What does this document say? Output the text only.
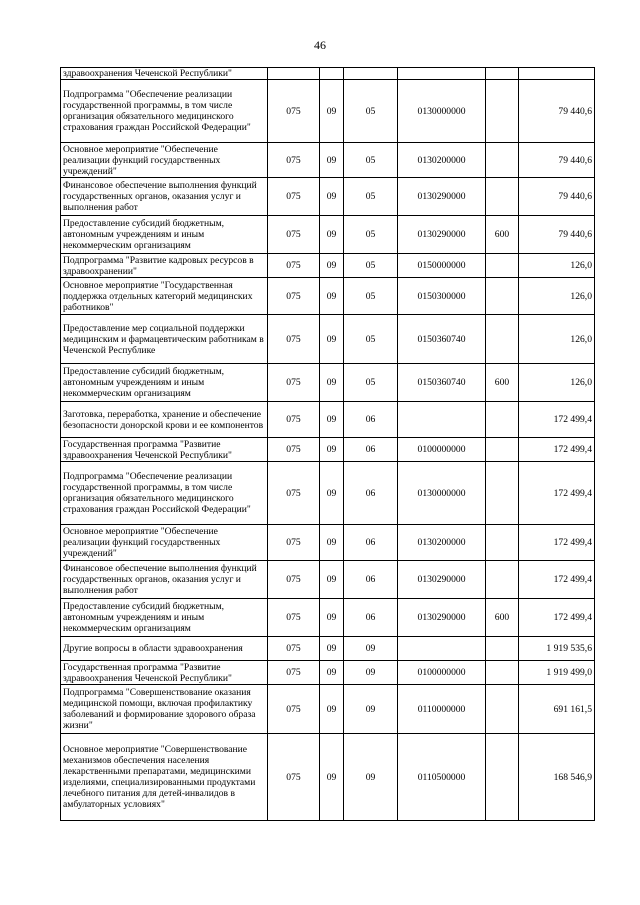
46
здравоохранения Чеченской Республики"						
Подпрограмма "Обеспечение реализации государственной программы, в том числе организация обязательного медицинского страхования граждан Российской Федерации"	075	09	05	0130000000		79 440,6
Основное мероприятие "Обеспечение реализации функций государственных учреждений"	075	09	05	0130200000		79 440,6
Финансовое обеспечение выполнения функций государственных органов, оказания услуг и выполнения работ	075	09	05	0130290000		79 440,6
Предоставление субсидий бюджетным, автономным учреждениям и иным некоммерческим организациям	075	09	05	0130290000	600	79 440,6
Подпрограмма "Развитие кадровых ресурсов в здравоохранении"	075	09	05	0150000000		126,0
Основное мероприятие "Государственная поддержка отдельных категорий медицинских работников"	075	09	05	0150300000		126,0
Предоставление мер социальной поддержки медицинским и фармацевтическим работникам в Чеченской Республике	075	09	05	0150360740		126,0
Предоставление субсидий бюджетным, автономным учреждениям и иным некоммерческим организациям	075	09	05	0150360740	600	126,0
Заготовка, переработка, хранение и обеспечение безопасности донорской крови и ее компонентов	075	09	06			172 499,4
Государственная программа "Развитие здравоохранения Чеченской Республики"	075	09	06	0100000000		172 499,4
Подпрограмма "Обеспечение реализации государственной программы, в том числе организация обязательного медицинского страхования граждан Российской Федерации"	075	09	06	0130000000		172 499,4
Основное мероприятие "Обеспечение реализации функций государственных учреждений"	075	09	06	0130200000		172 499,4
Финансовое обеспечение выполнения функций государственных органов, оказания услуг и выполнения работ	075	09	06	0130290000		172 499,4
Предоставление субсидий бюджетным, автономным учреждениям и иным некоммерческим организациям	075	09	06	0130290000	600	172 499,4
Другие вопросы в области здравоохранения	075	09	09			1 919 535,6
Государственная программа "Развитие здравоохранения Чеченской Республики"	075	09	09	0100000000		1 919 499,0
Подпрограмма "Совершенствование оказания медицинской помощи, включая профилактику заболеваний и формирование здорового образа жизни"	075	09	09	0110000000		691 161,5
Основное мероприятие "Совершенствование механизмов обеспечения населения лекарственными препаратами, медицинскими изделиями, специализированными продуктами лечебного питания для детей-инвалидов в амбулаторных условиях"	075	09	09	0110500000		168 546,9
